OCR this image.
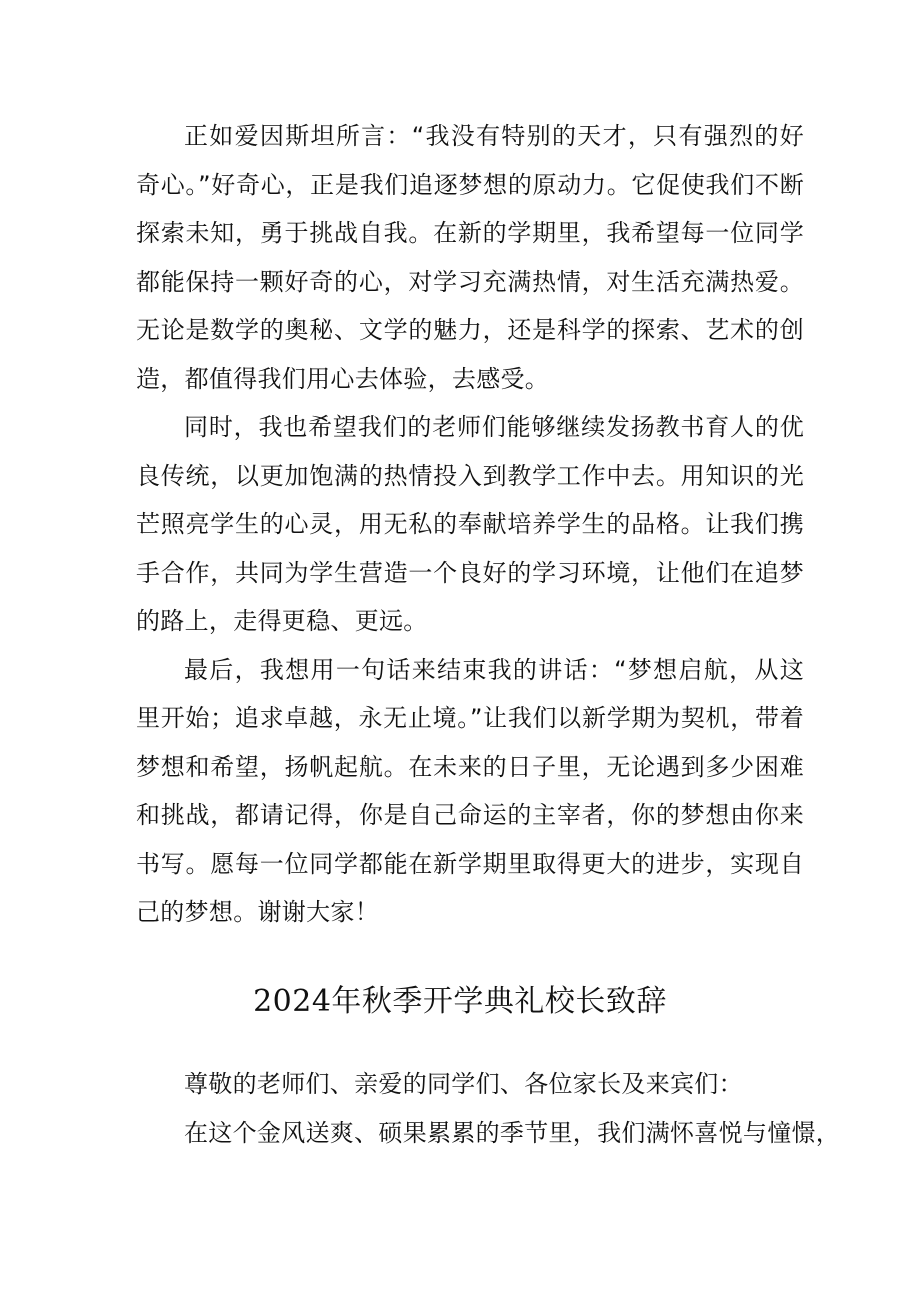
正如爱因斯坦所言：“我没有特别的天才，只有强烈的好奇心。”好奇心，正是我们追逐梦想的原动力。它促使我们不断探索未知，勇于挑战自我。在新的学期里，我希望每一位同学都能保持一颗好奇的心，对学习充满热情，对生活充满热爱。无论是数学的奥秘、文学的魅力，还是科学的探索、艺术的创造，都值得我们用心去体验，去感受。

同时，我也希望我们的老师们能够继续发扬教书育人的优良传统，以更加饱满的热情投入到教学工作中去。用知识的光芒照亮学生的心灵，用无私的奉献培养学生的品格。让我们携手合作，共同为学生营造一个良好的学习环境，让他们在追梦的路上，走得更稳、更远。

最后，我想用一句话来结束我的讲话：“梦想启航，从这里开始；追求卓越，永无止境。”让我们以新学期为契机，带着梦想和希望，扬帆起航。在未来的日子里，无论遇到多少困难和挑战，都请记得，你是自己命运的主宰者，你的梦想由你来书写。愿每一位同学都能在新学期里取得更大的进步，实现自己的梦想。谢谢大家！

2024年秋季开学典礼校长致辞

尊敬的老师们、亲爱的同学们、各位家长及来宾们：

在这个金风送爽、硕果累累的季节里，我们满怀喜悦与憧憬，
